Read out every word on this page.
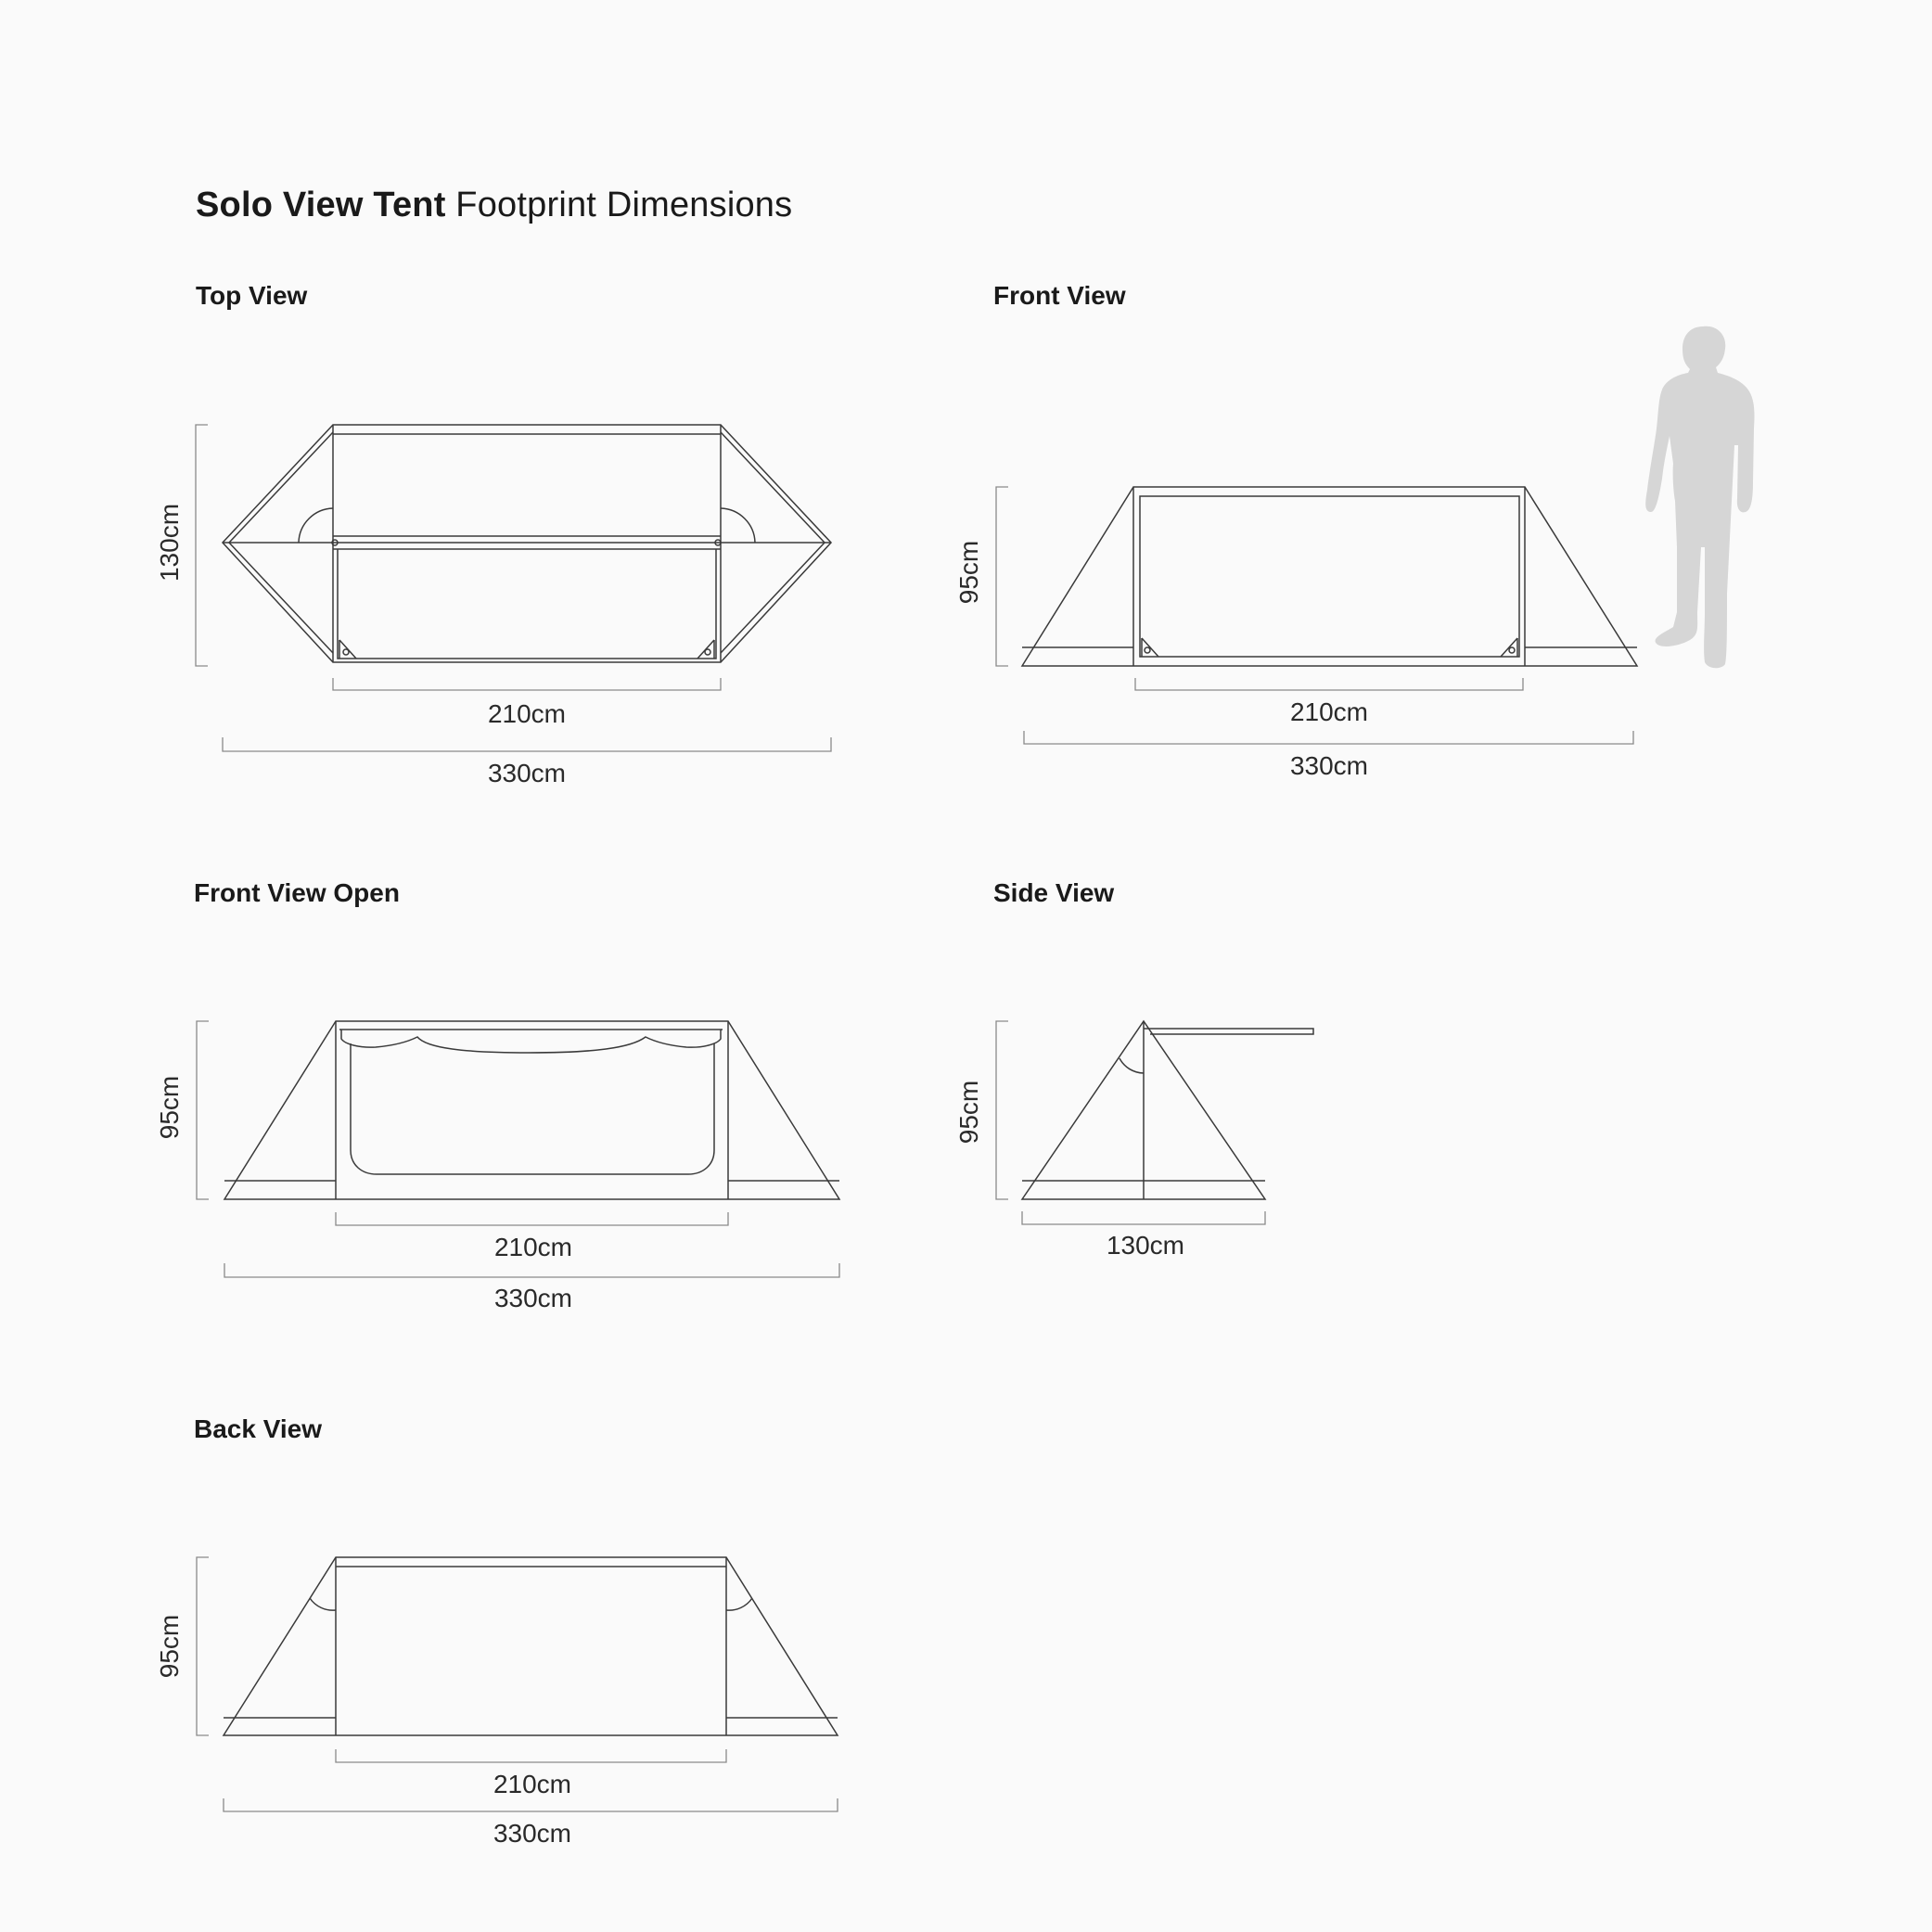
Solo View Tent Footprint Dimensions
Top View	Front View
Front View Open	Side View
Back View
130cm
210cm
330cm
95cm
210cm
330cm
95cm
210cm
330cm
95cm
130cm
95cm
210cm
330cm
